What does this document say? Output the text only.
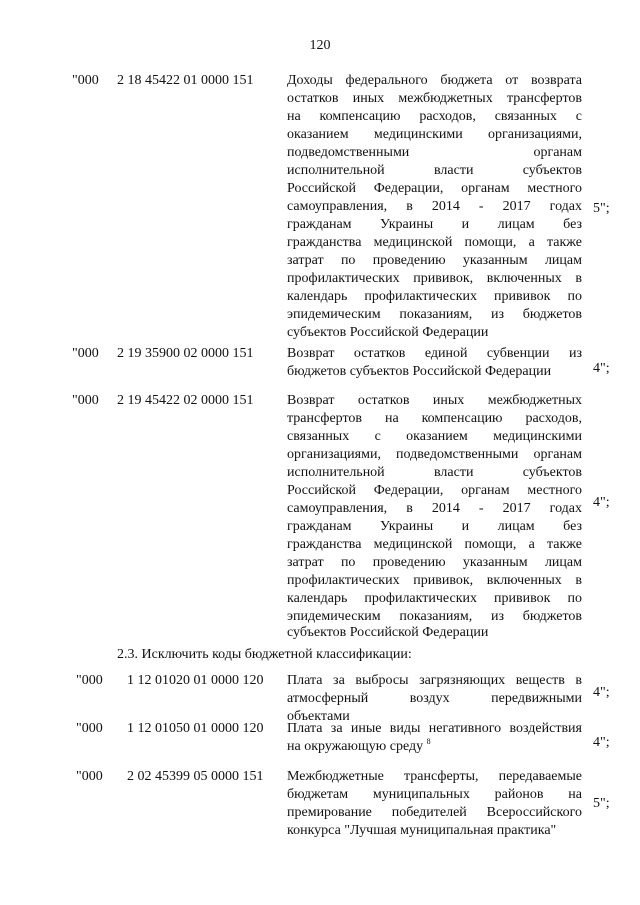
120
"000	2 18 45422 01 0000 151 Доходы федерального бюджета от возврата
остатков иных межбюджетных трансфертов
на компенсацию расходов, связанных с
оказанием медицинскими организациями,
подведомственными органам
исполнительной власти субъектов
Российской Федерации, органам местного
самоуправления, в 2014 - 2017 годах
гражданам Украины и лицам без
гражданства медицинской помощи, а также
затрат по проведению указанным лицам
профилактических прививок, включенных в
календарь профилактических прививок по
эпидемическим показаниям, из бюджетов
субъектов Российской Федерации
5";
"000	2 19 35900 02 0000 151 Возврат остатков единой субвенции из
бюджетов субъектов Российской Федерации	4";
"000	2 19 45422 02 0000 151 Возврат остатков иных межбюджетных
трансфертов на компенсацию расходов,
связанных с оказанием медицинскими
организациями, подведомственными органам
исполнительной власти субъектов
Российской Федерации, органам местного
самоуправления, в 2014 - 2017 годах
гражданам Украины и лицам без
гражданства медицинской помощи, а также
затрат по проведению указанным лицам
профилактических прививок, включенных в
календарь профилактических прививок по
эпидемическим показаниям, из бюджетов
субъектов Российской Федерации
4";
2.3. Исключить коды бюджетной классификации:
"000	1 12 01020 01 0000 120 Плата за выбросы загрязняющих веществ в
атмосферный воздух передвижными
объектами
4";
"000	1 12 01050 01 0000 120 Плата за иные виды негативного воздействия
на окружающую среду $^8$	4";
"000	2 02 45399 05 0000 151 Межбюджетные трансферты, передаваемые
бюджетам муниципальных районов на
премирование победителей Всероссийского
конкурса "Лучшая муниципальная практика"
5";
